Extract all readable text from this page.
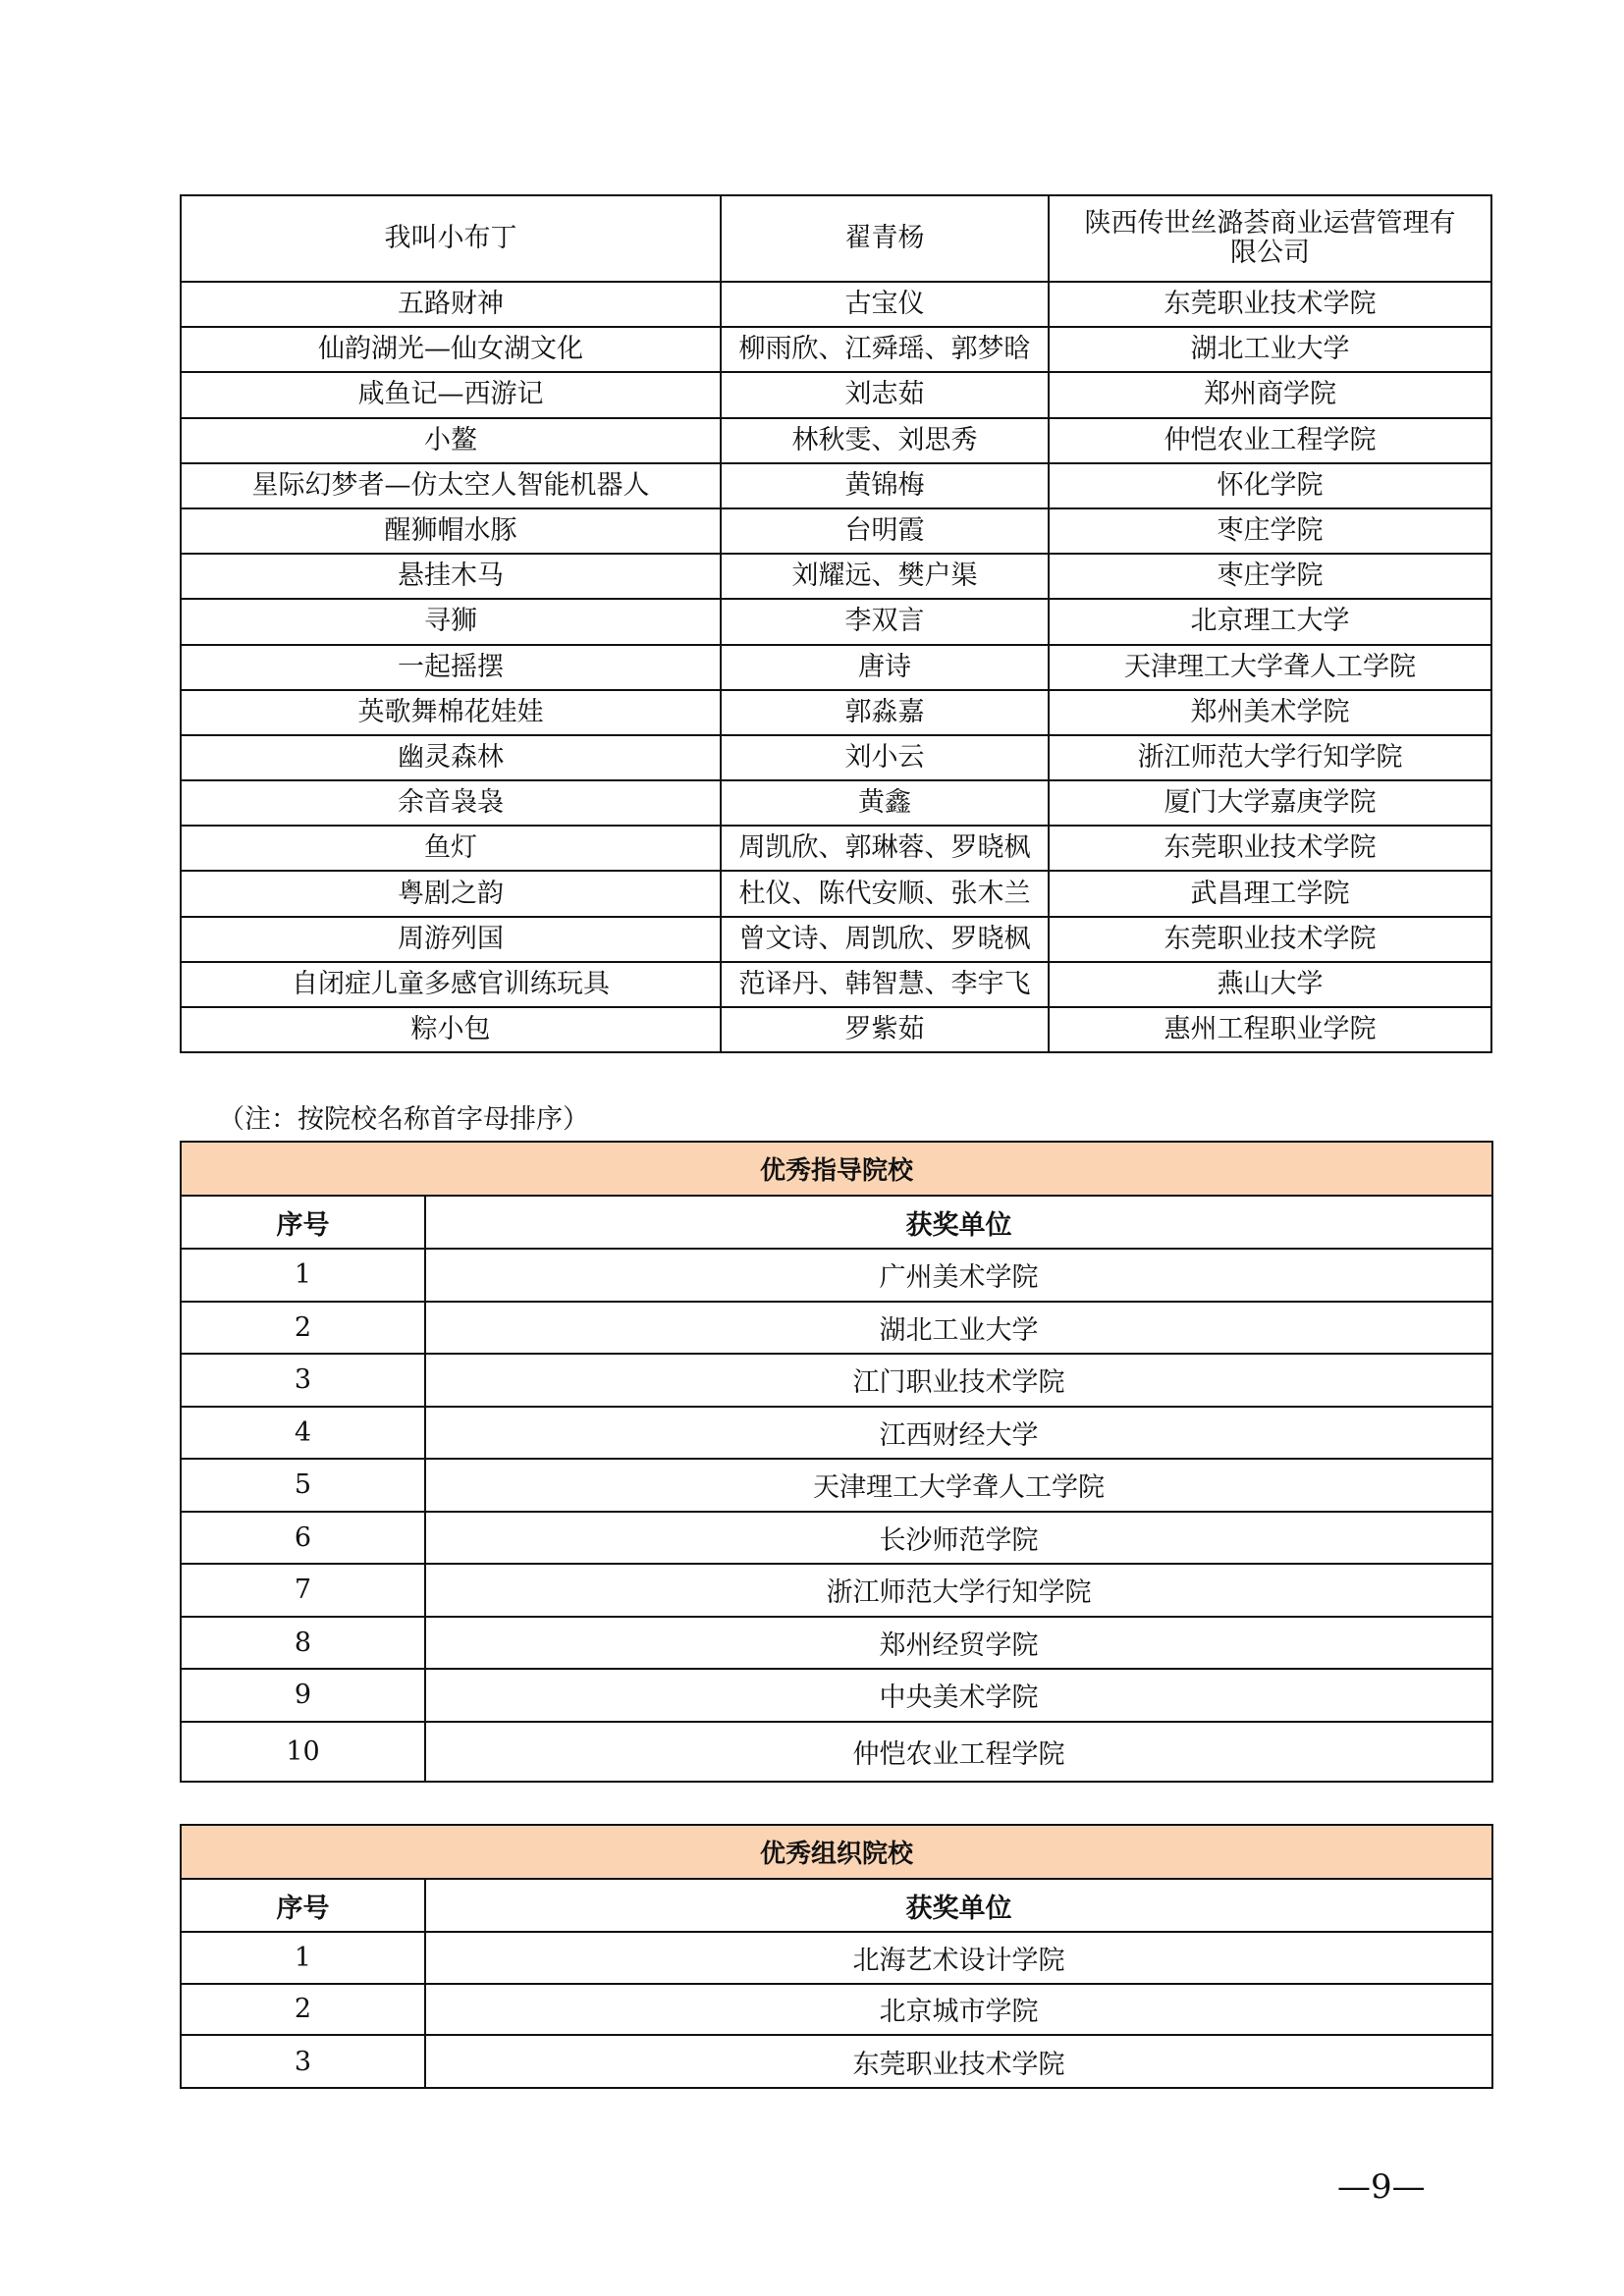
我叫小布丁	翟青杨	陕西传世丝潞荟商业运营管理有限公司
五路财神	古宝仪	东莞职业技术学院
仙韵湖光—仙女湖文化	柳雨欣、江舜瑶、郭梦晗	湖北工业大学
咸鱼记—西游记	刘志茹	郑州商学院
小鳌	林秋雯、刘思秀	仲恺农业工程学院
星际幻梦者—仿太空人智能机器人	黄锦梅	怀化学院
醒狮帽水豚	台明霞	枣庄学院
悬挂木马	刘耀远、樊户渠	枣庄学院
寻狮	李双言	北京理工大学
一起摇摆	唐诗	天津理工大学聋人工学院
英歌舞棉花娃娃	郭淼嘉	郑州美术学院
幽灵森林	刘小云	浙江师范大学行知学院
余音袅袅	黄鑫	厦门大学嘉庚学院
鱼灯	周凯欣、郭琳蓉、罗晓枫	东莞职业技术学院
粤剧之韵	杜仪、陈代安顺、张木兰	武昌理工学院
周游列国	曾文诗、周凯欣、罗晓枫	东莞职业技术学院
自闭症儿童多感官训练玩具	范译丹、韩智慧、李宇飞	燕山大学
粽小包	罗紫茹	惠州工程职业学院
（注：按院校名称首字母排序）
优秀指导院校	
序号	获奖单位
1	广州美术学院
2	湖北工业大学
3	江门职业技术学院
4	江西财经大学
5	天津理工大学聋人工学院
6	长沙师范学院
7	浙江师范大学行知学院
8	郑州经贸学院
9	中央美术学院
10	仲恺农业工程学院
优秀组织院校	
序号	获奖单位
1	北海艺术设计学院
2	北京城市学院
3	东莞职业技术学院
—9—
